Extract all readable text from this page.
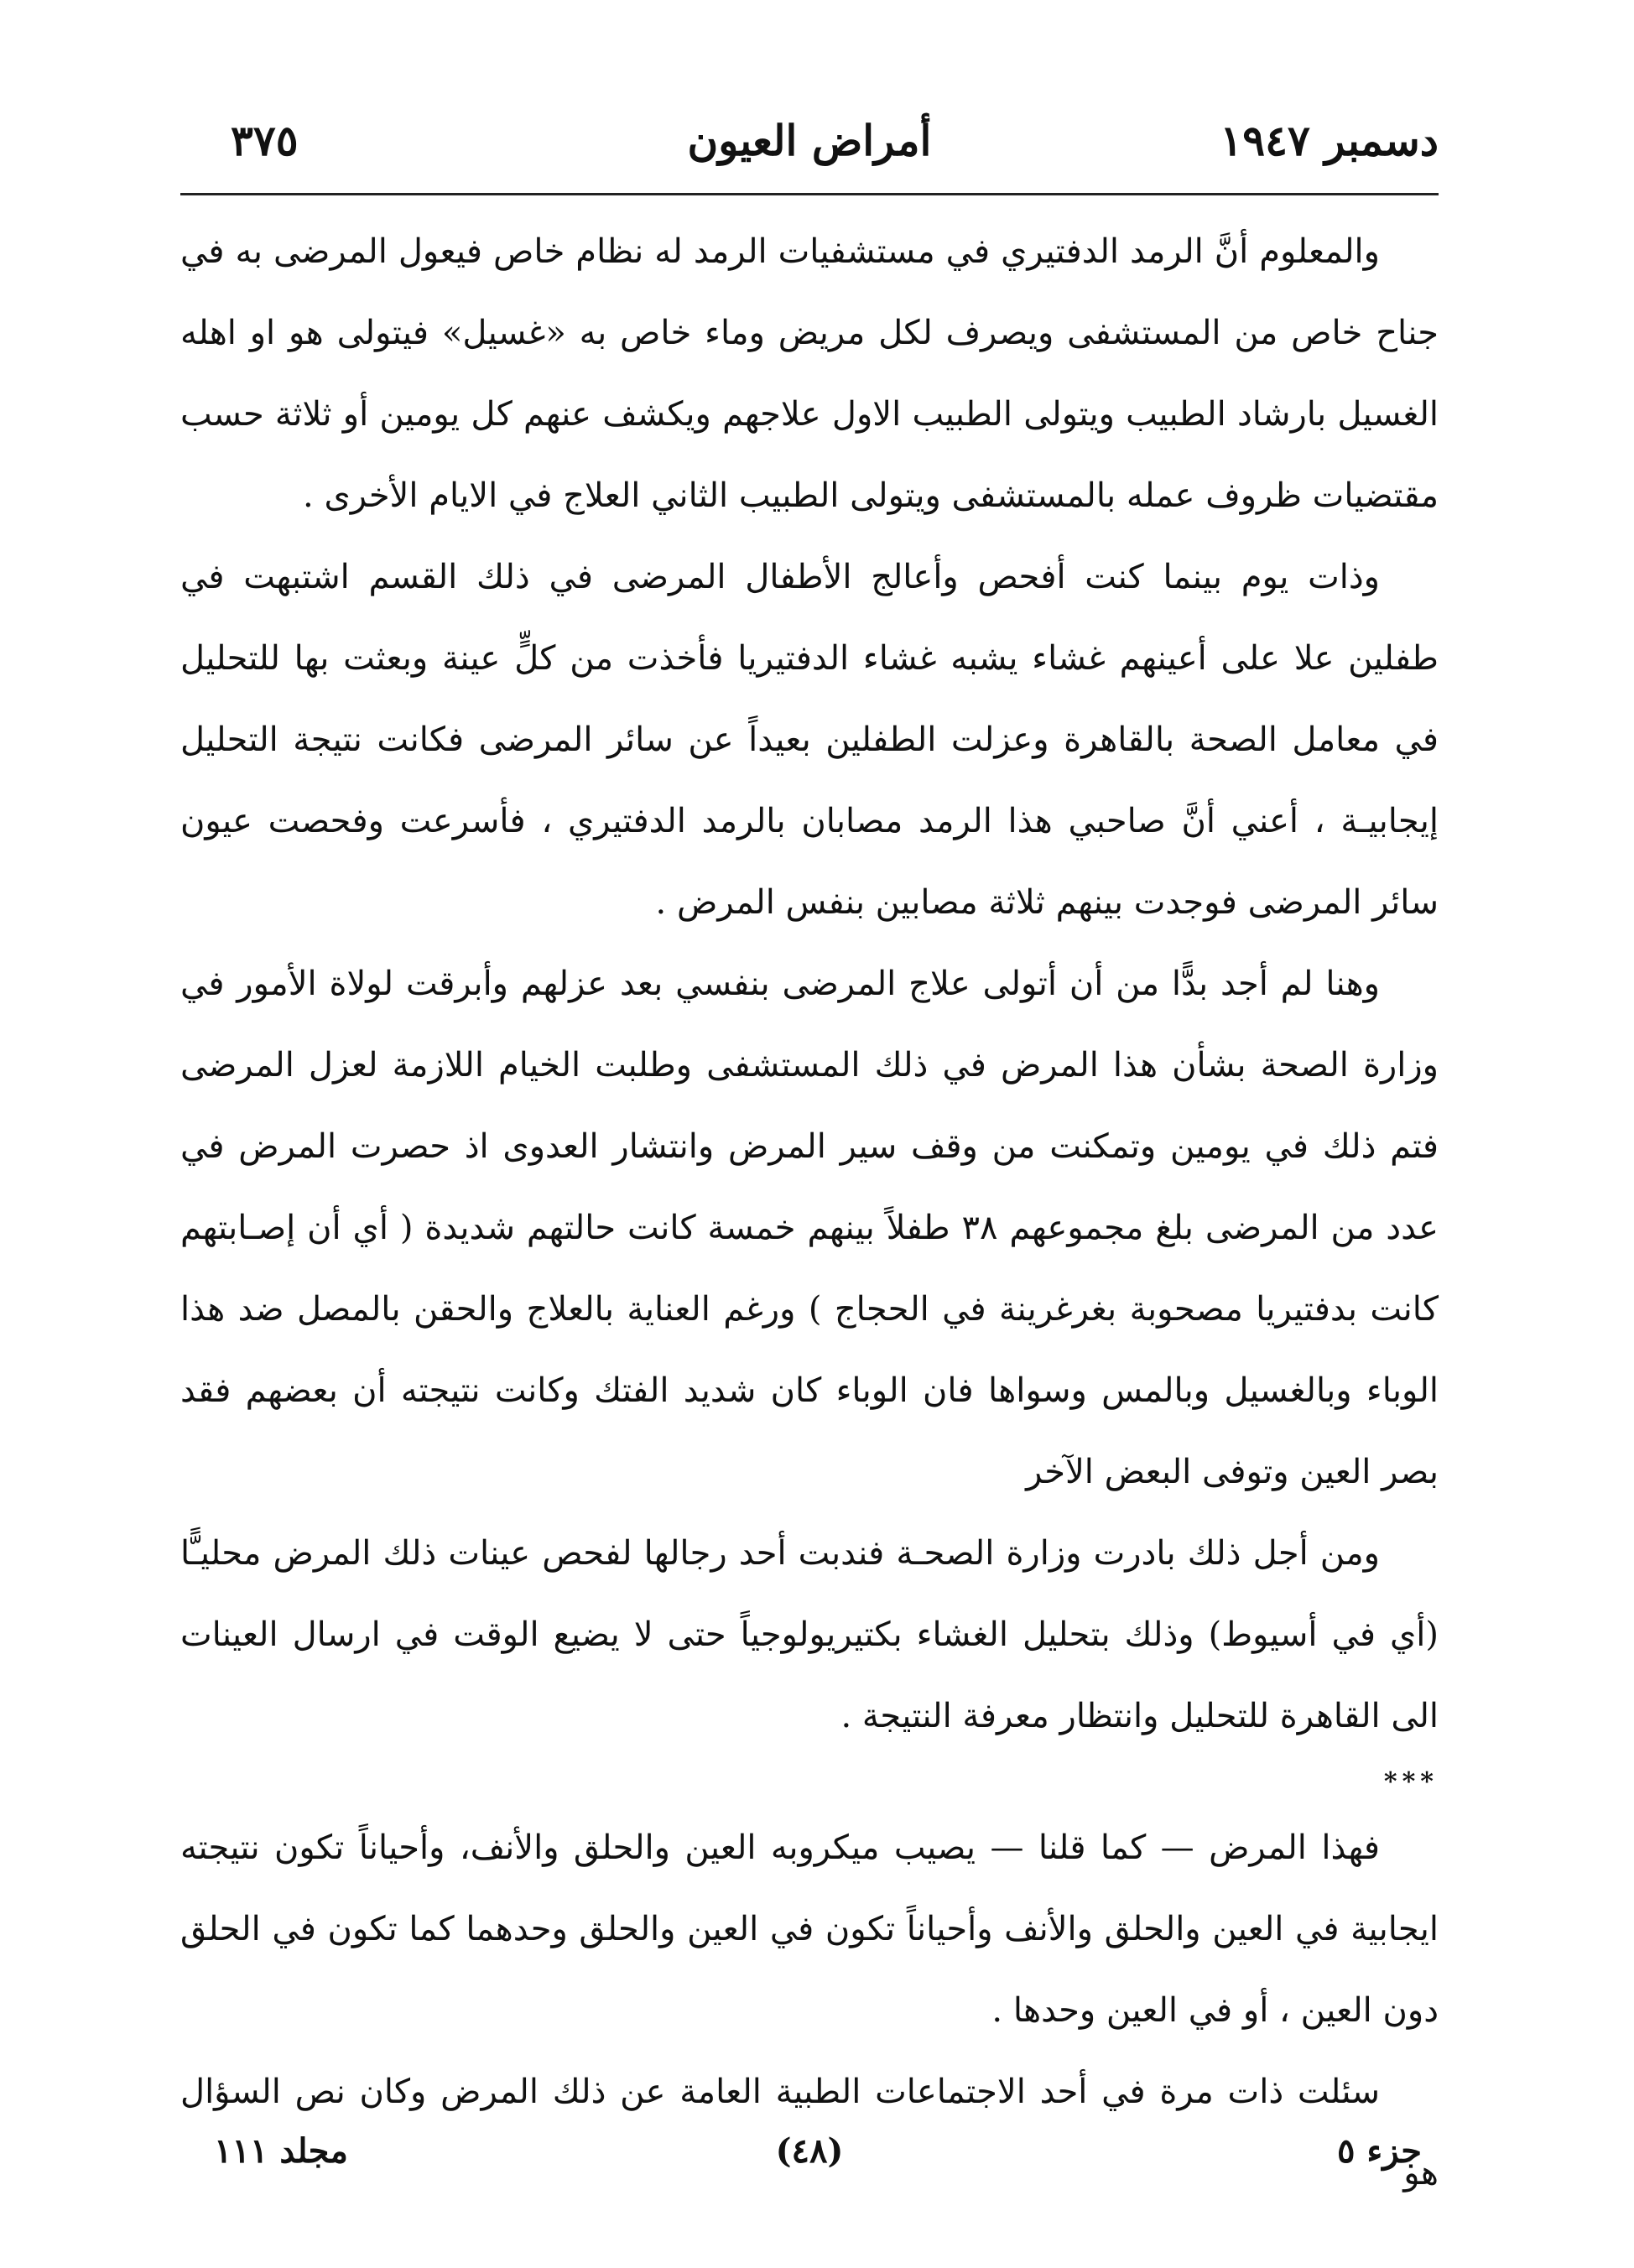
دسمبر ١٩٤٧
أمراض العيون
٣٧٥

والمعلوم أنَّ الرمد الدفتيري في مستشفيات الرمد له نظام خاص فيعول المرضى به في جناح خاص من المستشفى ويصرف لكل مريض وماء خاص به «غسيل» فيتولى هو او اهله الغسيل بارشاد الطبيب ويتولى الطبيب الاول علاجهم ويكشف عنهم كل يومين أو ثلاثة حسب مقتضيات ظروف عمله بالمستشفى ويتولى الطبيب الثاني العلاج في الايام الأخرى .

وذات يوم بينما كنت أفحص وأعالج الأطفال المرضى في ذلك القسم اشتبهت في طفلين علا على أعينهم غشاء يشبه غشاء الدفتيريا فأخذت من كلٍّ عينة وبعثت بها للتحليل في معامل الصحة بالقاهرة وعزلت الطفلين بعيداً عن سائر المرضى فكانت نتيجة التحليل إيجابيـة ، أعني أنَّ صاحبي هذا الرمد مصابان بالرمد الدفتيري ، فأسرعت وفحصت عيون سائر المرضى فوجدت بينهم ثلاثة مصابين بنفس المرض .

وهنا لم أجد بدًّا من أن أتولى علاج المرضى بنفسي بعد عزلهم وأبرقت لولاة الأمور في وزارة الصحة بشأن هذا المرض في ذلك المستشفى وطلبت الخيام اللازمة لعزل المرضى فتم ذلك في يومين وتمكنت من وقف سير المرض وانتشار العدوى اذ حصرت المرض في عدد من المرضى بلغ مجموعهم ٣٨ طفلاً بينهم خمسة كانت حالتهم شديدة ( أي أن إصـابتهم كانت بدفتيريا مصحوبة بغرغرينة في الحجاج ) ورغم العناية بالعلاج والحقن بالمصل ضد هذا الوباء وبالغسيل وبالمس وسواها فان الوباء كان شديد الفتك وكانت نتيجته أن بعضهم فقد بصر العين وتوفى البعض الآخر

ومن أجل ذلك بادرت وزارة الصحـة فندبت أحد رجالها لفحص عينات ذلك المرض محليـًّا (أي في أسيوط) وذلك بتحليل الغشاء بكتيريولوجياً حتى لا يضيع الوقت في ارسال العينات الى القاهرة للتحليل وانتظار معرفة النتيجة .

***

فهذا المرض — كما قلنا — يصيب ميكروبه العين والحلق والأنف، وأحياناً تكون نتيجته ايجابية في العين والحلق والأنف وأحياناً تكون في العين والحلق وحدهما كما تكون في الحلق دون العين ، أو في العين وحدها .

سئلت ذات مرة في أحد الاجتماعات الطبية العامة عن ذلك المرض وكان نص السؤال هو

جزء ٥
(٤٨)
مجلد ١١١
